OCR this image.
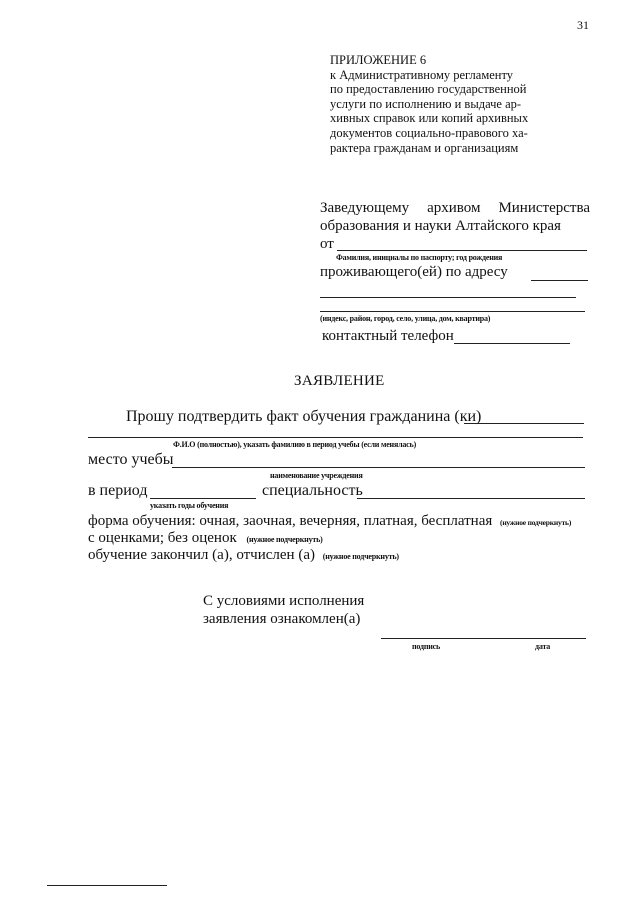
31
ПРИЛОЖЕНИЕ 6
к Административному регламенту
по предоставлению государственной
услуги по исполнению и выдаче ар-
хивных справок или копий архивных
документов социально-правового ха-
рактера гражданам и организациям
Заведующему архивом Министерства
образования и науки Алтайского края
от
Фамилия, инициалы по паспорту; год рождения
проживающего(ей) по адресу
(индекс, район, город, село, улица, дом, квартира)
контактный телефон
ЗАЯВЛЕНИЕ
Прошу подтвердить факт обучения гражданина (ки)
Ф.И.О (полностью), указать фамилию в период учебы (если менялась)
место учебы
наименование учреждения
в период	специальность
указать годы обучения
форма обучения: очная, заочная, вечерняя, платная, бесплатная (нужное подчеркнуть)
с оценками; без оценок (нужное подчеркнуть)
обучение закончил (а), отчислен (а) (нужное подчеркнуть)
С условиями исполнения
заявления ознакомлен(а)
подпись	дата
